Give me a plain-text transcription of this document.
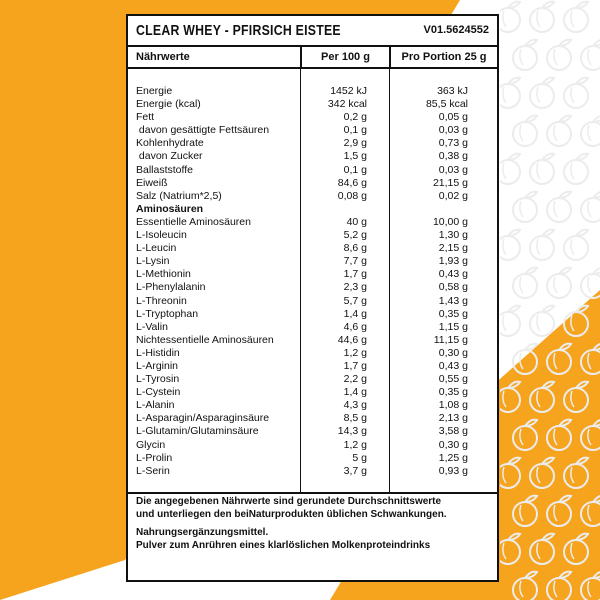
CLEAR WHEY - PFIRSICH EISTEE	V01.5624552
Nährwerte	Per 100 g	Pro Portion 25 g
Energie	1452 kJ	363 kJ
Energie (kcal)	342 kcal	85,5 kcal
Fett	0,2 g	0,05 g
davon gesättigte Fettsäuren	0,1 g	0,03 g
Kohlenhydrate	2,9 g	0,73 g
davon Zucker	1,5 g	0,38 g
Ballaststoffe	0,1 g	0,03 g
Eiweiß	84,6 g	21,15 g
Salz (Natrium*2,5)	0,08 g	0,02 g
Aminosäuren
Essentielle Aminosäuren	40 g	10,00 g
L-Isoleucin	5,2 g	1,30 g
L-Leucin	8,6 g	2,15 g
L-Lysin	7,7 g	1,93 g
L-Methionin	1,7 g	0,43 g
L-Phenylalanin	2,3 g	0,58 g
L-Threonin	5,7 g	1,43 g
L-Tryptophan	1,4 g	0,35 g
L-Valin	4,6 g	1,15 g
Nichtessentielle Aminosäuren	44,6 g	11,15 g
L-Histidin	1,2 g	0,30 g
L-Arginin	1,7 g	0,43 g
L-Tyrosin	2,2 g	0,55 g
L-Cystein	1,4 g	0,35 g
L-Alanin	4,3 g	1,08 g
L-Asparagin/Asparaginsäure	8,5 g	2,13 g
L-Glutamin/Glutaminsäure	14,3 g	3,58 g
Glycin	1,2 g	0,30 g
L-Prolin	5 g	1,25 g
L-Serin	3,7 g	0,93 g

Die angegebenen Nährwerte sind gerundete Durchschnittswerte

und unterliegen den beiNaturprodukten üblichen Schwankungen.

Nahrungsergänzungsmittel.

Pulver zum Anrühren eines klarlöslichen Molkenproteindrinks
